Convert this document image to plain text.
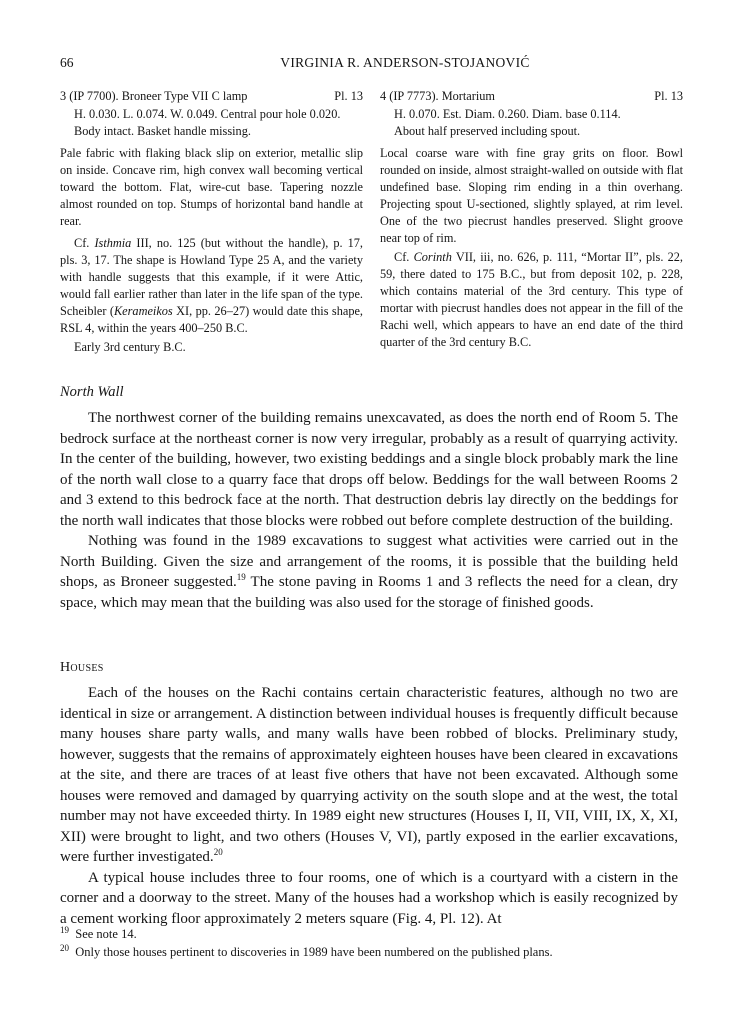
66	VIRGINIA R. ANDERSON-STOJANOVIĆ
3 (IP 7700). Broneer Type VII C lamp	Pl. 13

H. 0.030. L. 0.074. W. 0.049. Central pour hole 0.020.

Body intact. Basket handle missing.

Pale fabric with flaking black slip on exterior, metallic slip on inside. Concave rim, high convex wall becoming vertical toward the bottom. Flat, wire-cut base. Tapering nozzle almost rounded on top. Stumps of horizontal band handle at rear.

Cf. Isthmia III, no. 125 (but without the handle), p. 17, pls. 3, 17. The shape is Howland Type 25 A, and the variety with handle suggests that this example, if it were Attic, would fall earlier rather than later in the life span of the type. Scheibler (Kerameikos XI, pp. 26–27) would date this shape, RSL 4, within the years 400–250 B.C.

Early 3rd century B.C.

4 (IP 7773). Mortarium	Pl. 13

H. 0.070. Est. Diam. 0.260. Diam. base 0.114.

About half preserved including spout.

Local coarse ware with fine gray grits on floor. Bowl rounded on inside, almost straight-walled on outside with flat undefined base. Sloping rim ending in a thin overhang. Projecting spout U-sectioned, slightly splayed, at rim level. One of the two piecrust handles preserved. Slight groove near top of rim.

Cf. Corinth VII, iii, no. 626, p. 111, “Mortar II”, pls. 22, 59, there dated to 175 B.C., but from deposit 102, p. 228, which contains material of the 3rd century. This type of mortar with piecrust handles does not appear in the fill of the Rachi well, which appears to have an end date of the third quarter of the 3rd century B.C.

North Wall

The northwest corner of the building remains unexcavated, as does the north end of Room 5. The bedrock surface at the northeast corner is now very irregular, probably as a result of quarrying activity. In the center of the building, however, two existing beddings and a single block probably mark the line of the north wall close to a quarry face that drops off below. Beddings for the wall between Rooms 2 and 3 extend to this bedrock face at the north. That destruction debris lay directly on the beddings for the north wall indicates that those blocks were robbed out before complete destruction of the building.

Nothing was found in the 1989 excavations to suggest what activities were carried out in the North Building. Given the size and arrangement of the rooms, it is possible that the building held shops, as Broneer suggested.$^{19}$ The stone paving in Rooms 1 and 3 reflects the need for a clean, dry space, which may mean that the building was also used for the storage of finished goods.

Houses

Each of the houses on the Rachi contains certain characteristic features, although no two are identical in size or arrangement. A distinction between individual houses is frequently difficult because many houses share party walls, and many walls have been robbed of blocks. Preliminary study, however, suggests that the remains of approximately eighteen houses have been cleared in excavations at the site, and there are traces of at least five others that have not been excavated. Although some houses were removed and damaged by quarrying activity on the south slope and at the west, the total number may not have exceeded thirty. In 1989 eight new structures (Houses I, II, VII, VIII, IX, X, XI, XII) were brought to light, and two others (Houses V, VI), partly exposed in the earlier excavations, were further investigated.$^{20}$

A typical house includes three to four rooms, one of which is a courtyard with a cistern in the corner and a doorway to the street. Many of the houses had a workshop which is easily recognized by a cement working floor approximately 2 meters square (Fig. 4, Pl. 12). At

$^{19}$ See note 14.

$^{20}$ Only those houses pertinent to discoveries in 1989 have been numbered on the published plans.
